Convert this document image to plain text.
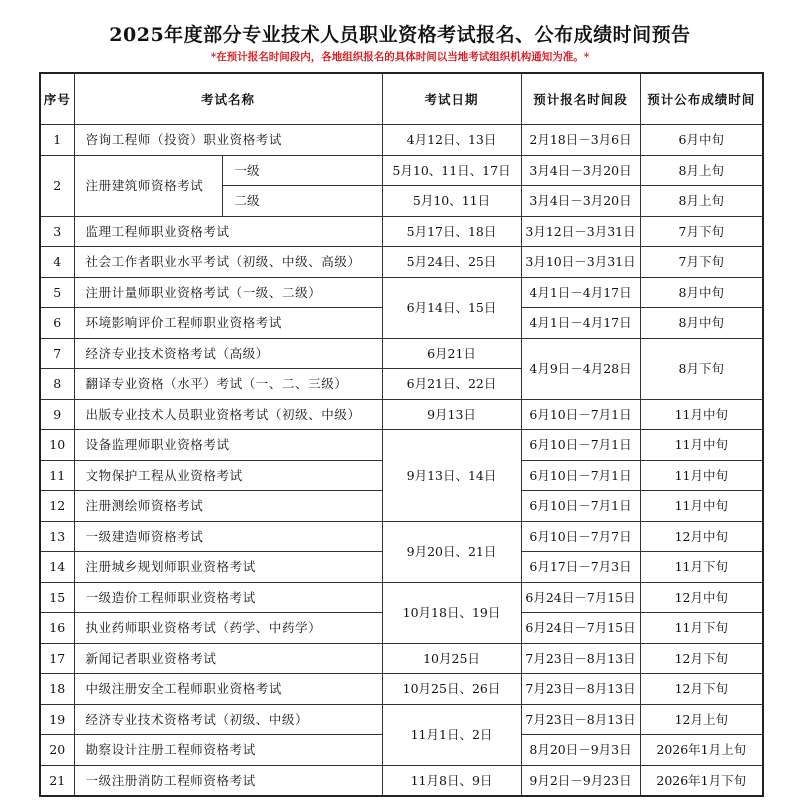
2025年度部分专业技术人员职业资格考试报名、公布成绩时间预告
*在预计报名时间段内，各地组织报名的具体时间以当地考试组织机构通知为准。*
序号	考试名称		考试日期	预计报名时间段	预计公布成绩时间
1	咨询工程师（投资）职业资格考试		4月12日、13日	2月18日－3月6日	6月中旬
2	注册建筑师资格考试	一级	5月10、11日、17日	3月4日－3月20日	8月上旬
		二级	5月10、11日	3月4日－3月20日	8月上旬
3	监理工程师职业资格考试		5月17日、18日	3月12日－3月31日	7月下旬
4	社会工作者职业水平考试（初级、中级、高级）		5月24日、25日	3月10日－3月31日	7月下旬
5	注册计量师职业资格考试（一级、二级）		6月14日、15日	4月1日－4月17日	8月中旬
6	环境影响评价工程师职业资格考试			4月1日－4月17日	8月中旬
7	经济专业技术资格考试（高级）		6月21日	4月9日－4月28日	8月下旬
8	翻译专业资格（水平）考试（一、二、三级）		6月21日、22日		
9	出版专业技术人员职业资格考试（初级、中级）		9月13日	6月10日－7月1日	11月中旬
10	设备监理师职业资格考试		9月13日、14日	6月10日－7月1日	11月中旬
11	文物保护工程从业资格考试			6月10日－7月1日	11月中旬
12	注册测绘师资格考试			6月10日－7月1日	11月中旬
13	一级建造师资格考试		9月20日、21日	6月10日－7月7日	12月中旬
14	注册城乡规划师职业资格考试			6月17日－7月3日	11月下旬
15	一级造价工程师职业资格考试		10月18日、19日	6月24日－7月15日	12月中旬
16	执业药师职业资格考试（药学、中药学）			6月24日－7月15日	11月下旬
17	新闻记者职业资格考试		10月25日	7月23日－8月13日	12月下旬
18	中级注册安全工程师职业资格考试		10月25日、26日	7月23日－8月13日	12月下旬
19	经济专业技术资格考试（初级、中级）		11月1日、2日	7月23日－8月13日	12月上旬
20	勘察设计注册工程师资格考试			8月20日－9月3日	2026年1月上旬
21	一级注册消防工程师资格考试		11月8日、9日	9月2日－9月23日	2026年1月下旬
